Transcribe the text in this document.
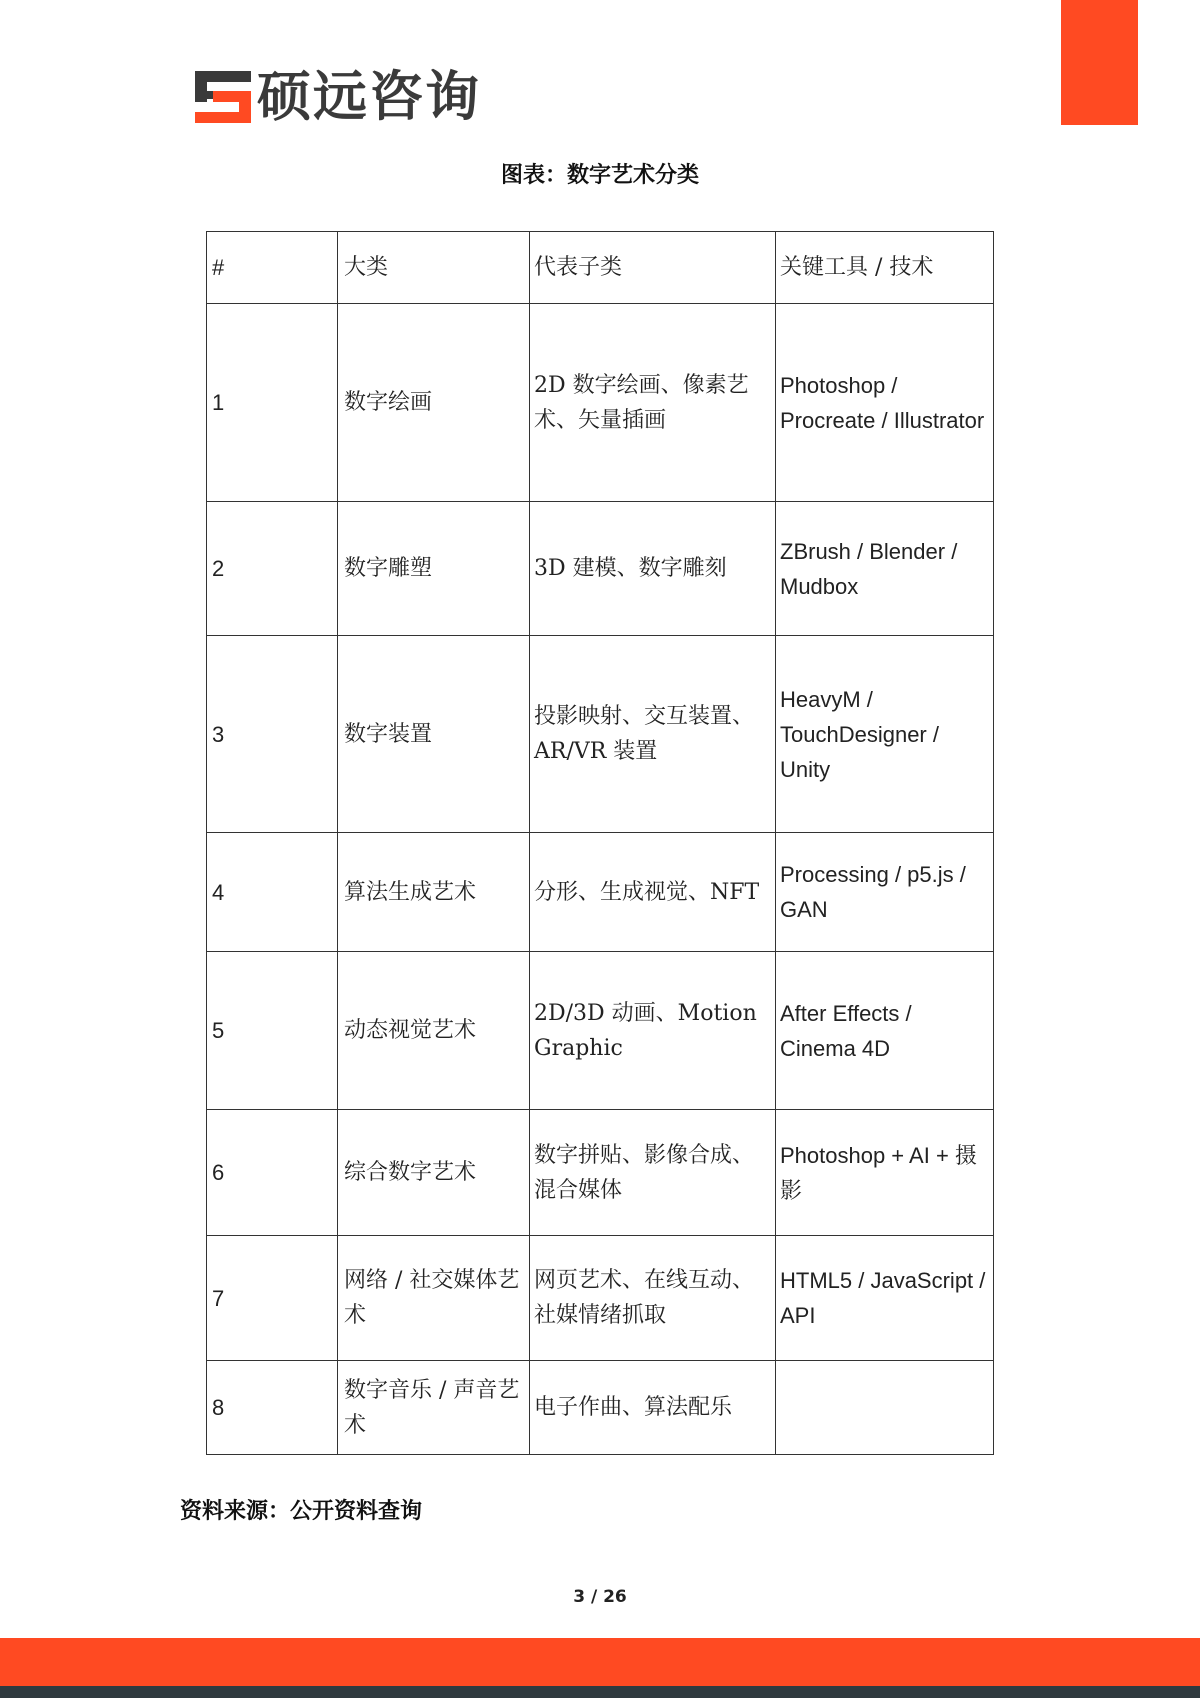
硕远咨询
图表：数字艺术分类
#	大类	代表子类	关键工具 / 技术
1	数字绘画	2D 数字绘画、像素艺术、矢量插画	Photoshop / Procreate / Illustrator
2	数字雕塑	3D 建模、数字雕刻	ZBrush / Blender / Mudbox
3	数字装置	投影映射、交互装置、AR/VR 装置	HeavyM / TouchDesigner / Unity
4	算法生成艺术	分形、生成视觉、NFT	Processing / p5.js / GAN
5	动态视觉艺术	2D/3D 动画、Motion Graphic	After Effects / Cinema 4D
6	综合数字艺术	数字拼贴、影像合成、混合媒体	Photoshop + AI + 摄影
7	网络 / 社交媒体艺术	网页艺术、在线互动、社媒情绪抓取	HTML5 / JavaScript / API
8	数字音乐 / 声音艺术	电子作曲、算法配乐	
资料来源：公开资料查询
3 / 26
